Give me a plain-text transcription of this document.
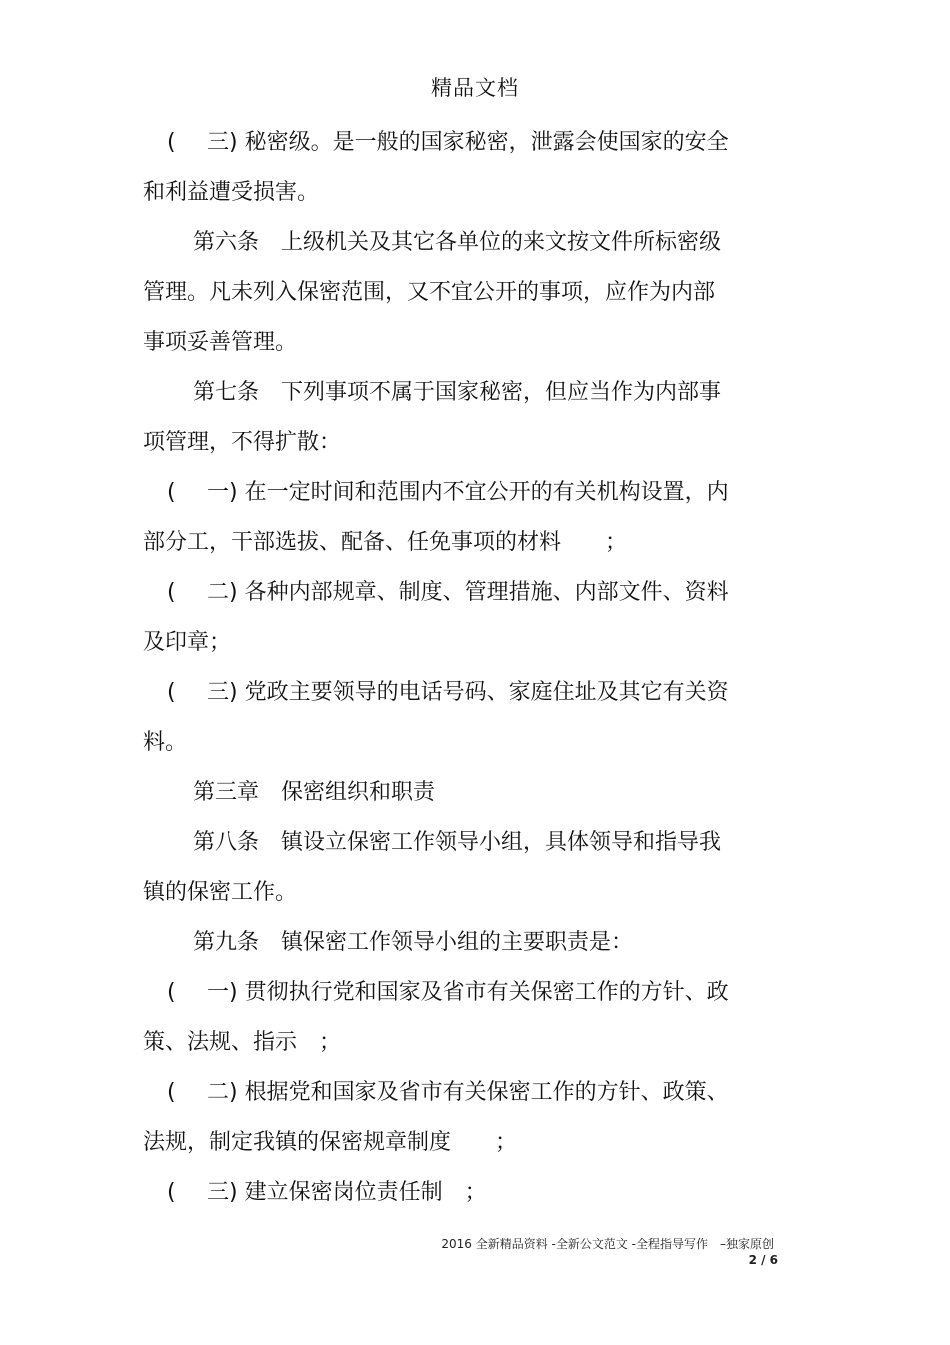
精品文档
( 三) 秘密级。是一般的国家秘密，泄露会使国家的安全
和利益遭受损害。
第六条　上级机关及其它各单位的来文按文件所标密级
管理。凡未列入保密范围，又不宜公开的事项，应作为内部
事项妥善管理。
第七条　下列事项不属于国家秘密，但应当作为内部事
项管理，不得扩散：
( 一) 在一定时间和范围内不宜公开的有关机构设置，内
部分工，干部选拔、配备、任免事项的材料　　；
( 二) 各种内部规章、制度、管理措施、内部文件、资料
及印章；
( 三) 党政主要领导的电话号码、家庭住址及其它有关资
料。
第三章　保密组织和职责
第八条　镇设立保密工作领导小组，具体领导和指导我
镇的保密工作。
第九条　镇保密工作领导小组的主要职责是：
( 一) 贯彻执行党和国家及省市有关保密工作的方针、政
策、法规、指示　；
( 二) 根据党和国家及省市有关保密工作的方针、政策、
法规，制定我镇的保密规章制度　　；
( 三) 建立保密岗位责任制　；
2016 全新精品资料 -全新公文范文 -全程指导写作　–独家原创
2 / 6
